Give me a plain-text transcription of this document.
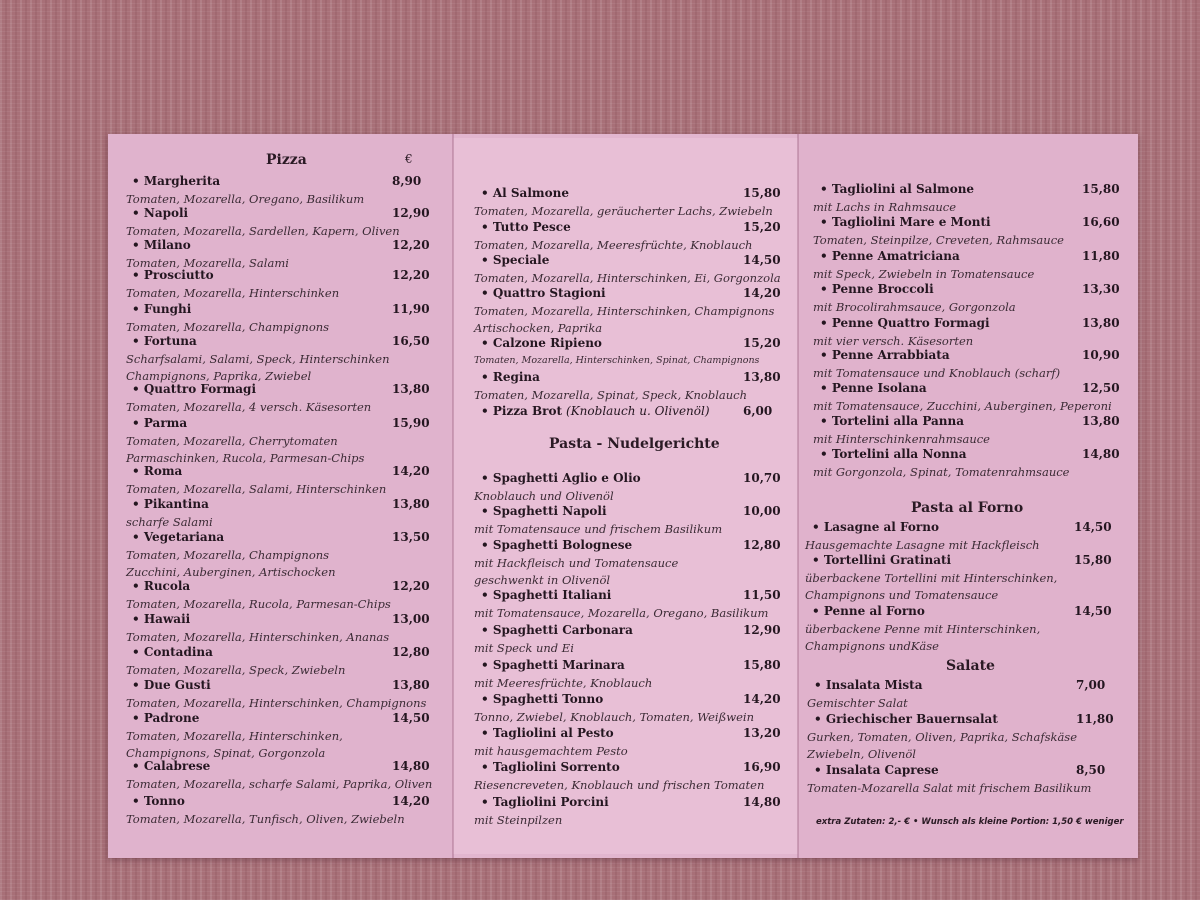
Pizza	€
• Margherita	8,90
Tomaten, Mozarella, Oregano, Basilikum
• Napoli	12,90
Tomaten, Mozarella, Sardellen, Kapern, Oliven
• Milano	12,20
Tomaten, Mozarella, Salami
• Prosciutto	12,20
Tomaten, Mozarella, Hinterschinken
• Funghi	11,90
Tomaten, Mozarella, Champignons
• Fortuna	16,50
Scharfsalami, Salami, Speck, Hinterschinken
Champignons, Paprika, Zwiebel
• Quattro Formagi	13,80
Tomaten, Mozarella, 4 versch. Käsesorten
• Parma	15,90
Tomaten, Mozarella, Cherrytomaten
Parmaschinken, Rucola, Parmesan-Chips
• Roma	14,20
Tomaten, Mozarella, Salami, Hinterschinken
• Pikantina	13,80
scharfe Salami
• Vegetariana	13,50
Tomaten, Mozarella, Champignons
Zucchini, Auberginen, Artischocken
• Rucola	12,20
Tomaten, Mozarella, Rucola, Parmesan-Chips
• Hawaii	13,00
Tomaten, Mozarella, Hinterschinken, Ananas
• Contadina	12,80
Tomaten, Mozarella, Speck, Zwiebeln
• Due Gusti	13,80
Tomaten, Mozarella, Hinterschinken, Champignons
• Padrone	14,50
Tomaten, Mozarella, Hinterschinken,
Champignons, Spinat, Gorgonzola
• Calabrese	14,80
Tomaten, Mozarella, scharfe Salami, Paprika, Oliven
• Tonno	14,20
Tomaten, Mozarella, Tunfisch, Oliven, Zwiebeln
Pasta - Nudelgerichte
• Al Salmone	15,80
Tomaten, Mozarella, geräucherter Lachs, Zwiebeln
• Tutto Pesce	15,20
Tomaten, Mozarella, Meeresfrüchte, Knoblauch
• Speciale	14,50
Tomaten, Mozarella, Hinterschinken, Ei, Gorgonzola
• Quattro Stagioni	14,20
Tomaten, Mozarella, Hinterschinken, Champignons
Artischocken, Paprika
• Calzone Ripieno	15,20
Tomaten, Mozarella, Hinterschinken, Spinat, Champignons
• Regina	13,80
Tomaten, Mozarella, Spinat, Speck, Knoblauch
• Pizza Brot (Knoblauch u. Olivenöl)	6,00
• Spaghetti Aglio e Olio	10,70
Knoblauch und Olivenöl
• Spaghetti Napoli	10,00
mit Tomatensauce und frischem Basilikum
• Spaghetti Bolognese	12,80
mit Hackfleisch und Tomatensauce
geschwenkt in Olivenöl
• Spaghetti Italiani	11,50
mit Tomatensauce, Mozarella, Oregano, Basilikum
• Spaghetti Carbonara	12,90
mit Speck und Ei
• Spaghetti Marinara	15,80
mit Meeresfrüchte, Knoblauch
• Spaghetti Tonno	14,20
Tonno, Zwiebel, Knoblauch, Tomaten, Weißwein
• Tagliolini al Pesto	13,20
mit hausgemachtem Pesto
• Tagliolini Sorrento	16,90
Riesencreveten, Knoblauch und frischen Tomaten
• Tagliolini Porcini	14,80
mit Steinpilzen
Pasta al Forno
Salate
extra Zutaten: 2,- € • Wunsch als kleine Portion: 1,50 € weniger
• Tagliolini al Salmone	15,80
mit Lachs in Rahmsauce
• Tagliolini Mare e Monti	16,60
Tomaten, Steinpilze, Creveten, Rahmsauce
• Penne Amatriciana	11,80
mit Speck, Zwiebeln in Tomatensauce
• Penne Broccoli	13,30
mit Brocolirahmsauce, Gorgonzola
• Penne Quattro Formagi	13,80
mit vier versch. Käsesorten
• Penne Arrabbiata	10,90
mit Tomatensauce und Knoblauch (scharf)
• Penne Isolana	12,50
mit Tomatensauce, Zucchini, Auberginen, Peperoni
• Tortelini alla Panna	13,80
mit Hinterschinkenrahmsauce
• Tortelini alla Nonna	14,80
mit Gorgonzola, Spinat, Tomatenrahmsauce
• Lasagne al Forno	14,50
Hausgemachte Lasagne mit Hackfleisch
• Tortellini Gratinati	15,80
überbackene Tortellini mit Hinterschinken,
Champignons und Tomatensauce
• Penne al Forno	14,50
überbackene Penne mit Hinterschinken,
Champignons undKäse
• Insalata Mista	7,00
Gemischter Salat
• Griechischer Bauernsalat	11,80
Gurken, Tomaten, Oliven, Paprika, Schafskäse
Zwiebeln, Olivenöl
• Insalata Caprese	8,50
Tomaten-Mozarella Salat mit frischem Basilikum
